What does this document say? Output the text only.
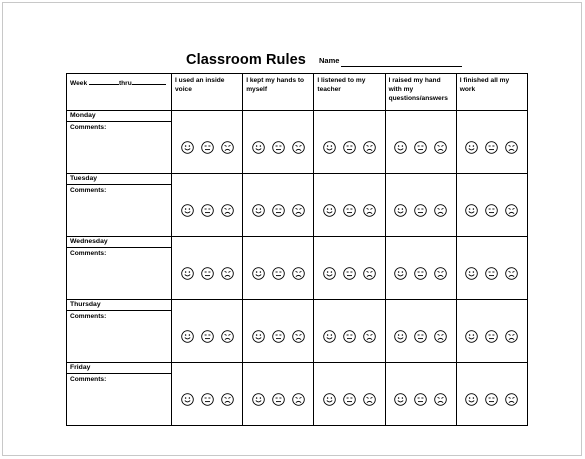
Classroom Rules Name
Week thru	I used an inside voice	I kept my hands to myself	I listened to my teacher	I raised my hand with my questions/answers	I finished all my work
Monday					
Comments:	

Tuesday					
Comments:	

Wednesday					
Comments:	

Thursday					
Comments:	

Friday					
Comments:	
